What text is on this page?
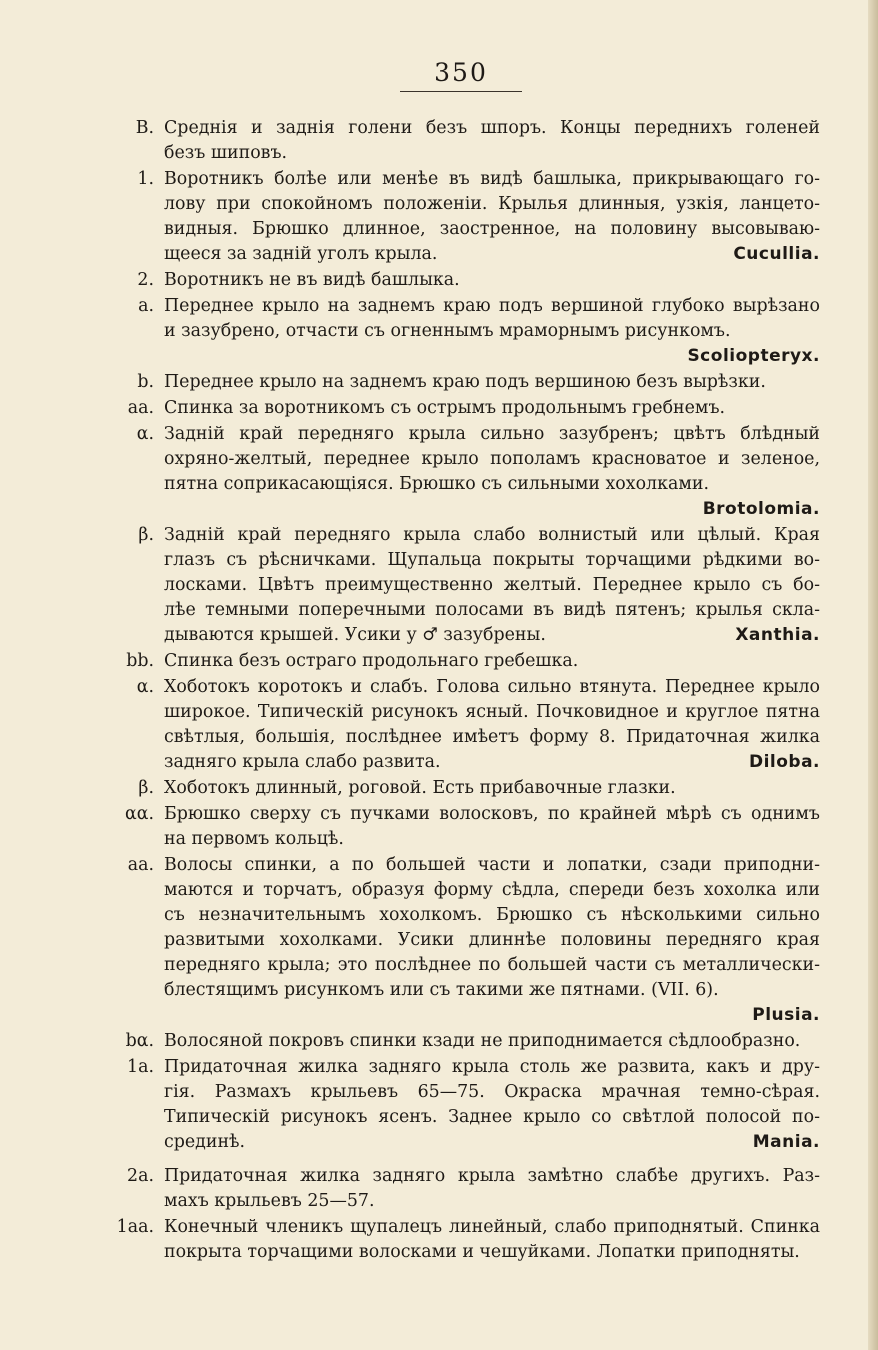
350
B. Среднія и заднія голени безъ шпоръ. Концы переднихъ голеней
безъ шиповъ.
1. Воротникъ болѣе или менѣе въ видѣ башлыка, прикрывающаго го-
лову при спокойномъ положеніи. Крылья длинныя, узкія, ланцето-
видныя. Брюшко длинное, заостренное, на половину высовываю-
щееся за заднiй уголъ крыла.	Cucullia.
2. Воротникъ не въ видѣ башлыка.
a. Переднее крыло на заднемъ краю подъ вершиной глубоко вырѣзано
и зазубрено, отчасти съ огненнымъ мраморнымъ рисункомъ.
Scoliopteryx.
b. Переднее крыло на заднемъ краю подъ вершиною безъ вырѣзки.
aa. Спинка за воротникомъ съ острымъ продольнымъ гребнемъ.
α. Заднiй край передняго крыла сильно зазубренъ; цвѣтъ блѣдный
охряно-желтый, переднее крыло пополамъ красноватое и зеленое,
пятна соприкасающіяся. Брюшко съ сильными хохолками.
Brotolomia.
β. Заднiй край передняго крыла слабо волнистый или цѣлый. Края
глазъ съ рѣсничками. Щупальца покрыты торчащими рѣдкими во-
лосками. Цвѣтъ преимущественно желтый. Переднее крыло съ бо-
лѣе темными поперечными полосами въ видѣ пятенъ; крылья скла-
дываются крышей. Усики у ♂ зазубрены.	Xanthia.
bb. Спинка безъ остраго продольнаго гребешка.
α. Хоботокъ коротокъ и слабъ. Голова сильно втянута. Переднее крыло
широкое. Типическiй рисунокъ ясный. Почковидное и круглое пятна
свѣтлыя, большія, послѣднее имѣетъ форму 8. Придаточная жилка
задняго крыла слабо развита.	Diloba.
β. Хоботокъ длинный, роговой. Есть прибавочные глазки.
αα. Брюшко сверху съ пучками волосковъ, по крайней мѣрѣ съ однимъ
на первомъ кольцѣ.
aa. Волосы спинки, а по большей части и лопатки, сзади приподни-
маются и торчатъ, образуя форму сѣдла, спереди безъ хохолка или
съ незначительнымъ хохолкомъ. Брюшко съ нѣсколькими сильно
развитыми хохолками. Усики длиннѣе половины передняго края
передняго крыла; это послѣднее по большей части съ металлически-
блестящимъ рисункомъ или съ такими же пятнами. (VII. 6).
Plusia.
bα. Волосяной покровъ спинки кзади не приподнимается сѣдлообразно.
1a. Придаточная жилка задняго крыла столь же развита, какъ и дру-
гія. Размахъ крыльевъ 65—75. Окраска мрачная темно-сѣрая.
Типическiй рисунокъ ясенъ. Заднее крыло со свѣтлой полосой по-
срединѣ.	Mania.
2a. Придаточная жилка задняго крыла замѣтно слабѣе другихъ. Раз-
махъ крыльевъ 25—57.
1aa. Конечный членикъ щупалецъ линейный, слабо приподнятый. Спинка
покрыта торчащими волосками и чешуйками. Лопатки приподняты.
